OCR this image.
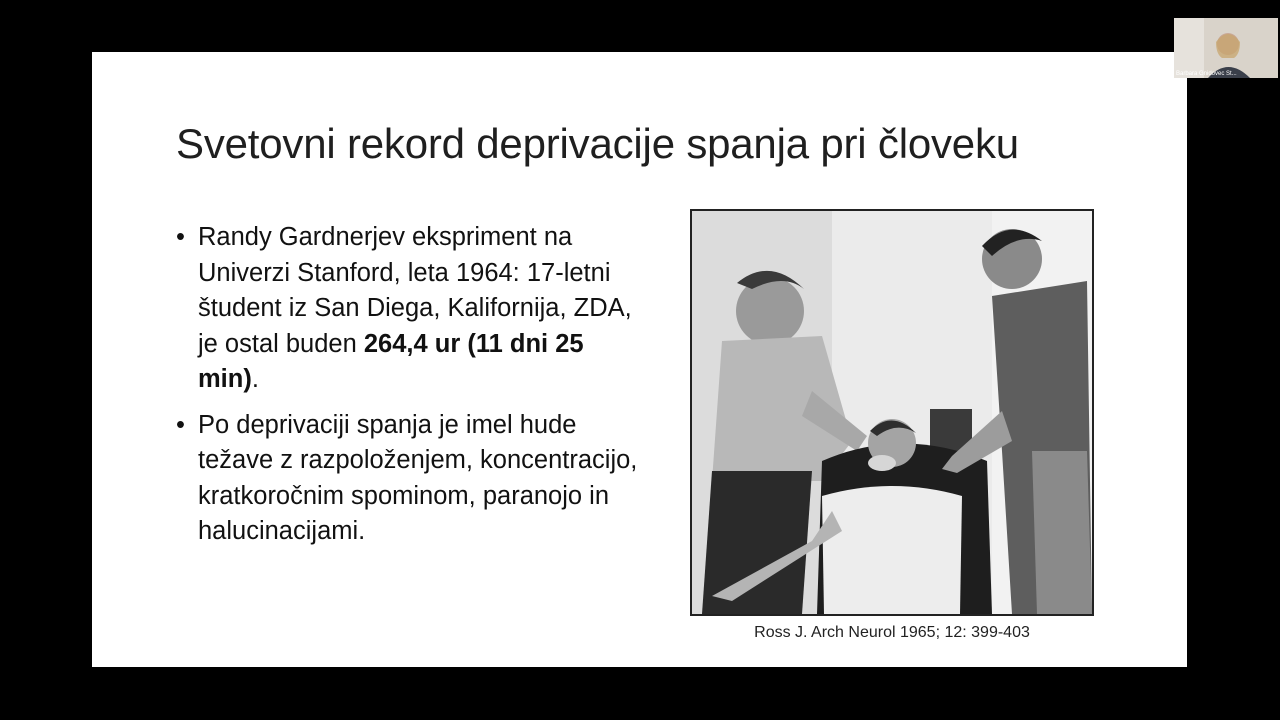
Svetovni rekord deprivacije spanja pri človeku
• Randy Gardnerjev ekspriment na Univerzi Stanford, leta 1964: 17-letni študent iz San Diega, Kalifornija, ZDA, je ostal buden 264,4 ur (11 dni 25 min).
• Po deprivaciji spanja je imel hude težave z razpoloženjem, koncentracijo, kratkoročnim spominom, paranojo in halucinacijami.
Ross J. Arch Neurol 1965; 12: 399-403
Barbara Gnidovec St...
